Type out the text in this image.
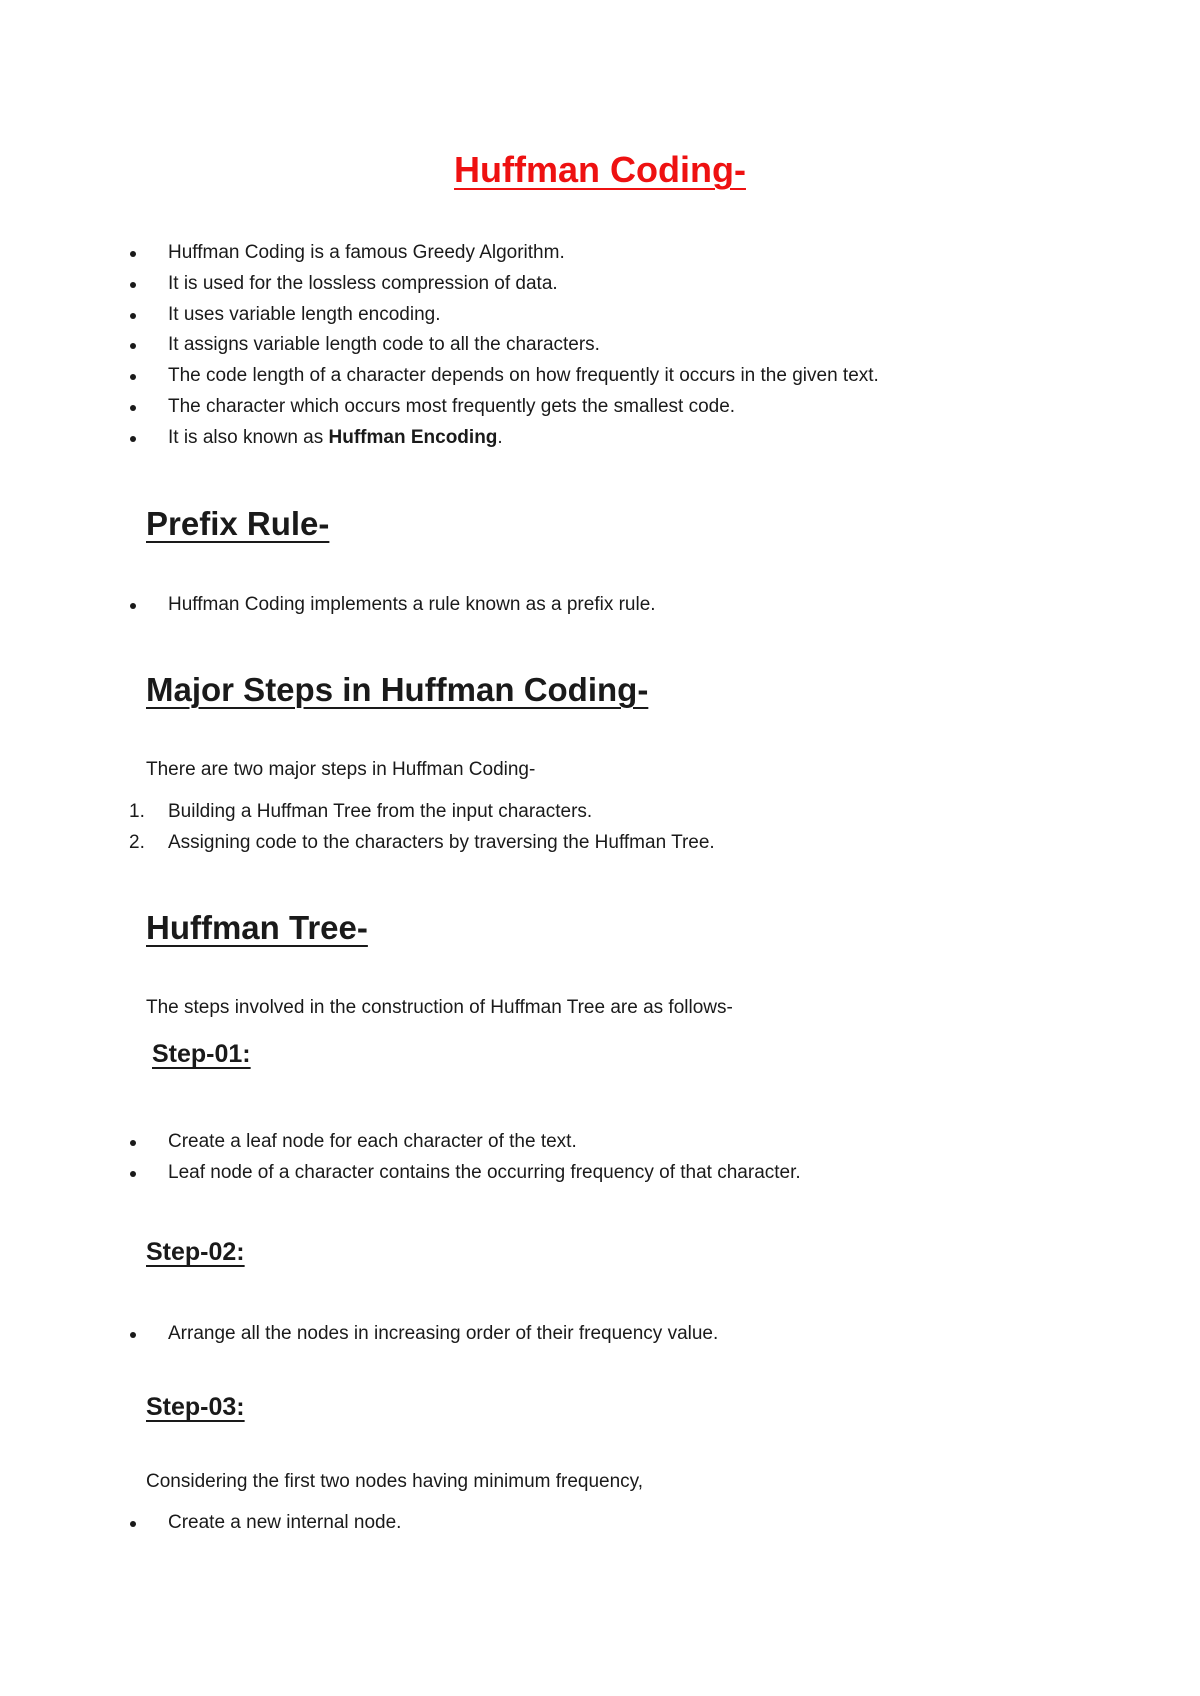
Huffman Coding-
Huffman Coding is a famous Greedy Algorithm.
It is used for the lossless compression of data.
It uses variable length encoding.
It assigns variable length code to all the characters.
The code length of a character depends on how frequently it occurs in the given text.
The character which occurs most frequently gets the smallest code.
It is also known as Huffman Encoding.
Prefix Rule-
Huffman Coding implements a rule known as a prefix rule.
Major Steps in Huffman Coding-

There are two major steps in Huffman Coding-

1. Building a Huffman Tree from the input characters.
2. Assigning code to the characters by traversing the Huffman Tree.
Huffman Tree-

The steps involved in the construction of Huffman Tree are as follows-

Step-01:
Create a leaf node for each character of the text.
Leaf node of a character contains the occurring frequency of that character.
Step-02:
Arrange all the nodes in increasing order of their frequency value.
Step-03:

Considering the first two nodes having minimum frequency,

Create a new internal node.
